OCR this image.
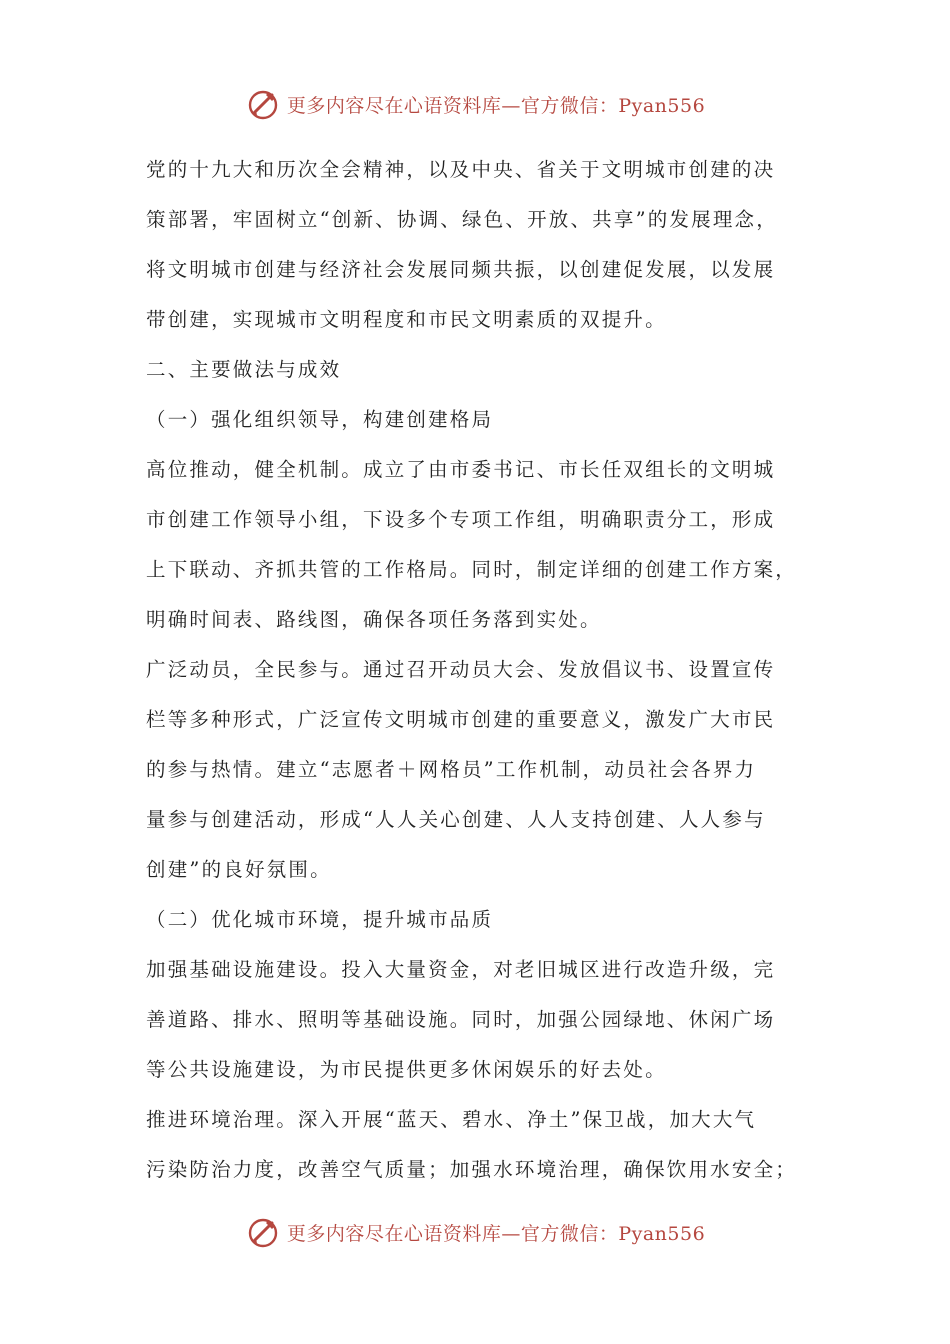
更多内容尽在心语资料库—官方微信：Pyan556
党的十九大和历次全会精神，以及中央、省关于文明城市创建的决
策部署，牢固树立“创新、协调、绿色、开放、共享”的发展理念，
将文明城市创建与经济社会发展同频共振，以创建促发展，以发展
带创建，实现城市文明程度和市民文明素质的双提升。
二、主要做法与成效
（一）强化组织领导，构建创建格局
高位推动，健全机制。成立了由市委书记、市长任双组长的文明城
市创建工作领导小组，下设多个专项工作组，明确职责分工，形成
上下联动、齐抓共管的工作格局。同时，制定详细的创建工作方案，
明确时间表、路线图，确保各项任务落到实处。
广泛动员，全民参与。通过召开动员大会、发放倡议书、设置宣传
栏等多种形式，广泛宣传文明城市创建的重要意义，激发广大市民
的参与热情。建立“志愿者＋网格员”工作机制，动员社会各界力
量参与创建活动，形成“人人关心创建、人人支持创建、人人参与
创建”的良好氛围。
（二）优化城市环境，提升城市品质
加强基础设施建设。投入大量资金，对老旧城区进行改造升级，完
善道路、排水、照明等基础设施。同时，加强公园绿地、休闲广场
等公共设施建设，为市民提供更多休闲娱乐的好去处。
推进环境治理。深入开展“蓝天、碧水、净土”保卫战，加大大气
污染防治力度，改善空气质量；加强水环境治理，确保饮用水安全；
更多内容尽在心语资料库—官方微信：Pyan556
